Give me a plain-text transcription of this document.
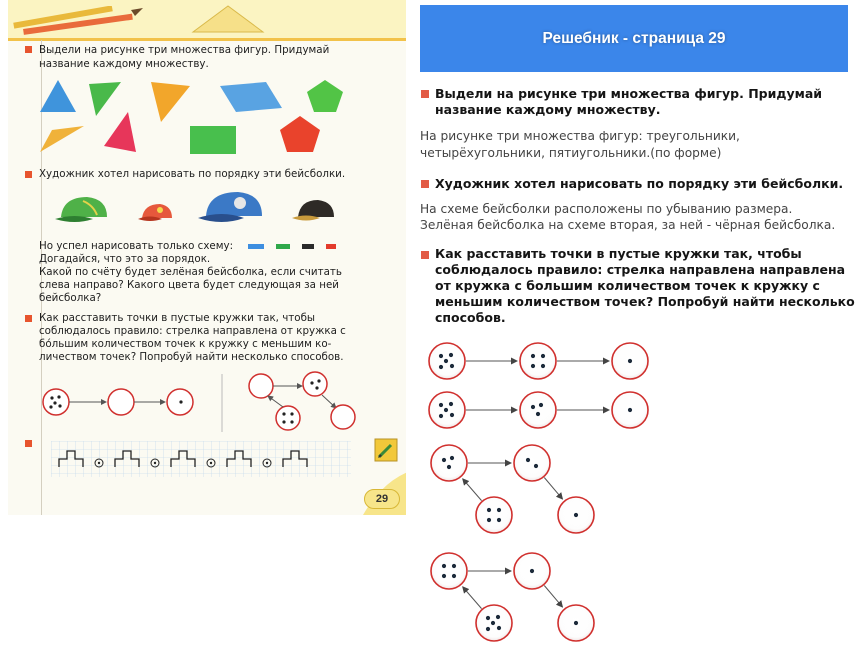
Выдели на рисунке три множества фигур. Придумай
название каждому множеству.
Художник хотел нарисовать по порядку эти бейсболки.
Но успел нарисовать только схему:
Догадайся, что это за порядок.
Какой по счёту будет зелёная бейсболка, если считать
слева направо? Какого цвета будет следующая за ней
бейсболка?
Как расставить точки в пустые кружки так, чтобы
соблюдалось правило: стрелка направлена от кружка с
бо́льшим количеством точек к кружку с меньшим ко-
личеством точек? Попробуй найти несколько способов.
29
Решебник - страница 29
Выдели на рисунке три множества фигур. Придумай
название каждому множеству.
На рисунке три множества фигур: треугольники,
четырёхугольники, пятиугольники.(по форме)
Художник хотел нарисовать по порядку эти бейсболки.
На схеме бейсболки расположены по убыванию размера.
Зелёная бейсболка на схеме вторая, за ней - чёрная бейсболка.
Как расставить точки в пустые кружки так, чтобы
соблюдалось правило: стрелка направлена направлена
от кружка с большим количеством точек к кружку с
меньшим количеством точек? Попробуй найти несколько
способов.
